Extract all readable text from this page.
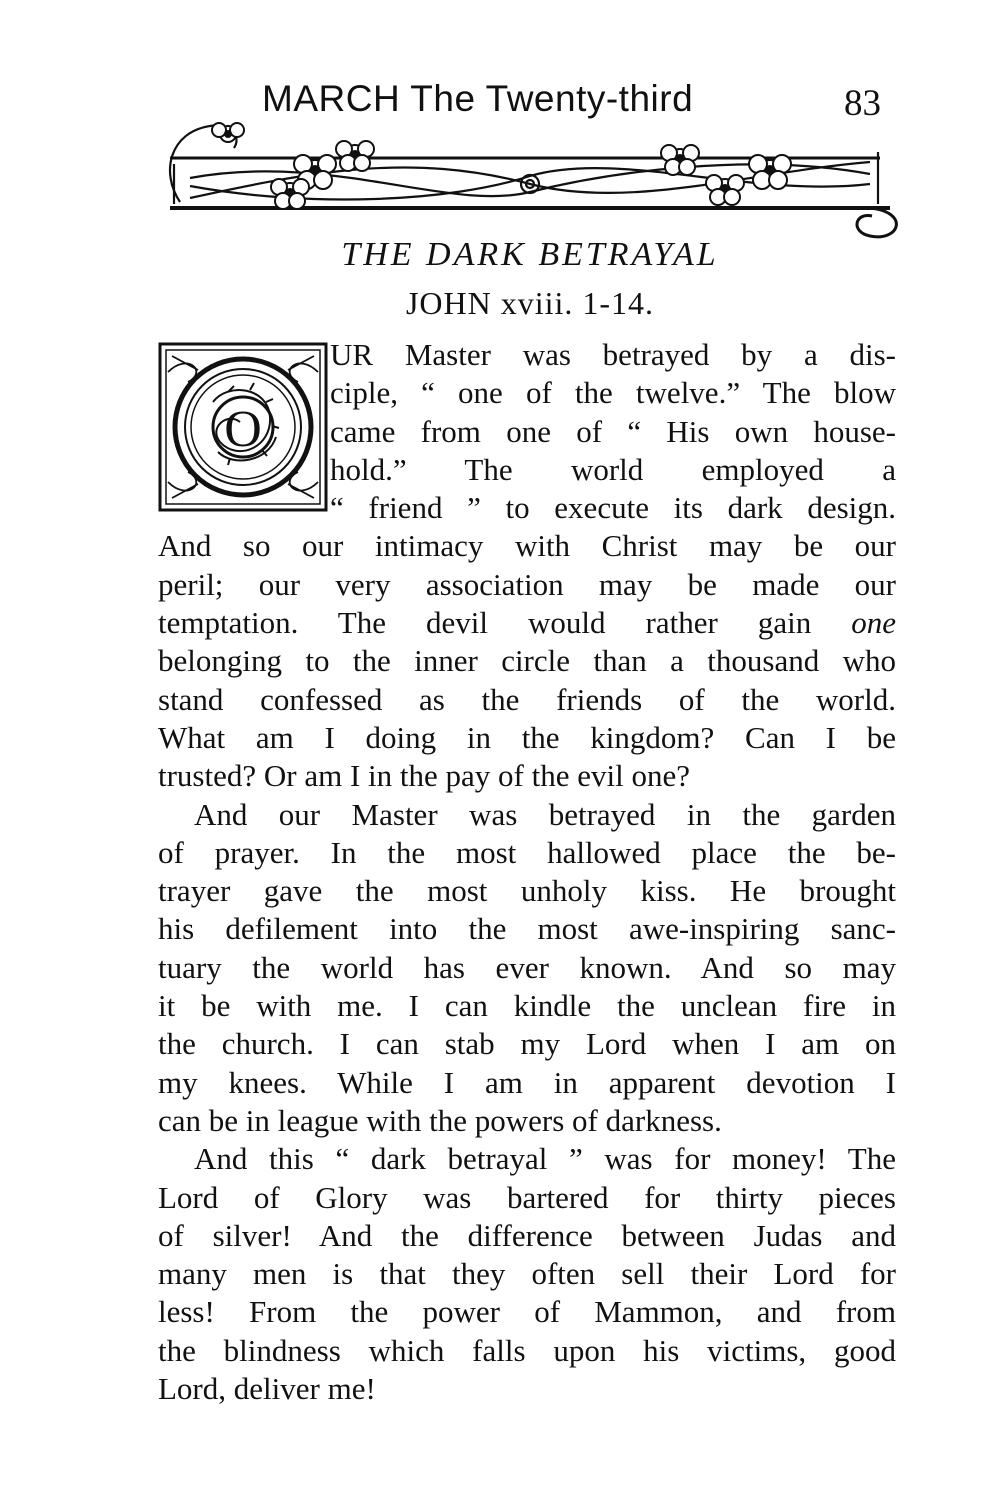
MARCH The Twenty-third	83
THE DARK BETRAYAL
JOHN xviii. 1-14.
O
UR Master was betrayed by a dis-
ciple, “ one of the twelve.” The blow
came from one of “ His own house-
hold.” The world employed a
“ friend ” to execute its dark design.
And so our intimacy with Christ may be our
peril; our very association may be made our
temptation. The devil would rather gain one
belonging to the inner circle than a thousand who
stand confessed as the friends of the world.
What am I doing in the kingdom? Can I be
trusted? Or am I in the pay of the evil one?
And our Master was betrayed in the garden
of prayer. In the most hallowed place the be-
trayer gave the most unholy kiss. He brought
his defilement into the most awe-inspiring sanc-
tuary the world has ever known. And so may
it be with me. I can kindle the unclean fire in
the church. I can stab my Lord when I am on
my knees. While I am in apparent devotion I
can be in league with the powers of darkness.
And this “ dark betrayal ” was for money! The
Lord of Glory was bartered for thirty pieces
of silver! And the difference between Judas and
many men is that they often sell their Lord for
less! From the power of Mammon, and from
the blindness which falls upon his victims, good
Lord, deliver me!
